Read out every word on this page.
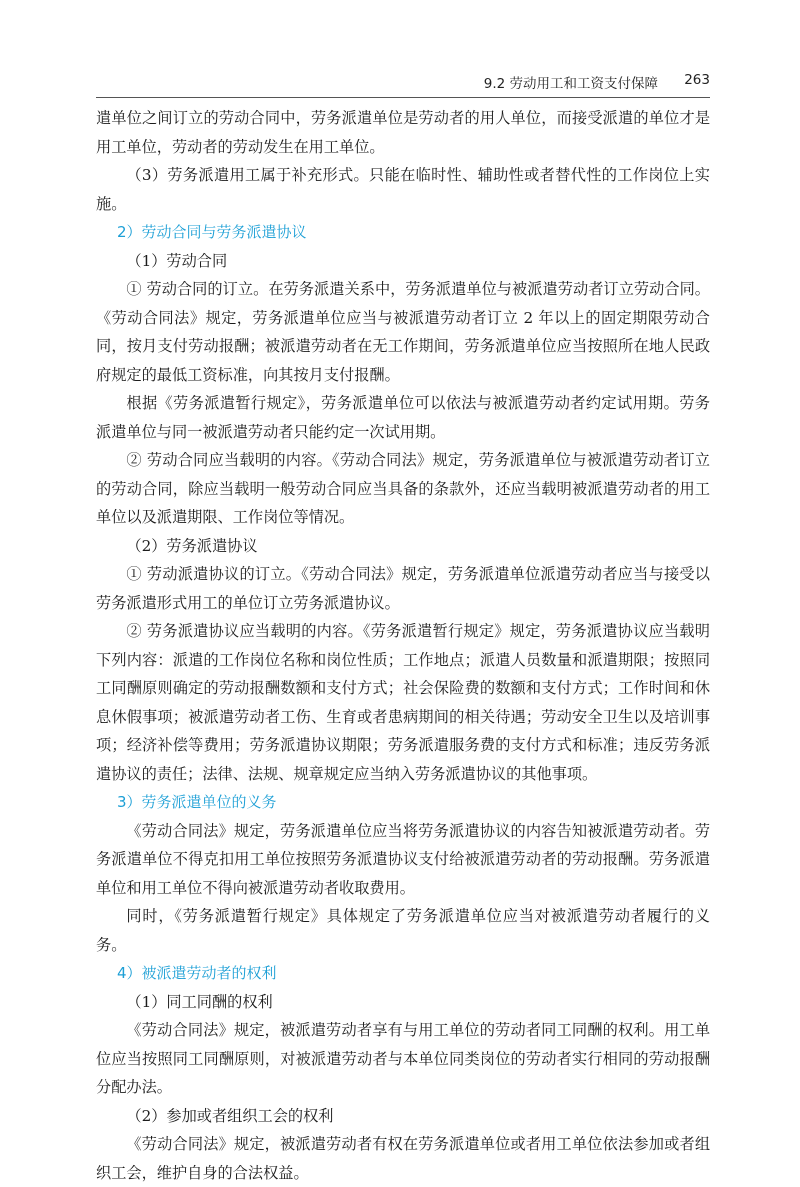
9.2 劳动用工和工资支付保障 263

遣单位之间订立的劳动合同中，劳务派遣单位是劳动者的用人单位，而接受派遣的单位才是用工单位，劳动者的劳动发生在用工单位。

（3）劳务派遣用工属于补充形式。只能在临时性、辅助性或者替代性的工作岗位上实施。

2）劳动合同与劳务派遣协议

（1）劳动合同

① 劳动合同的订立。在劳务派遣关系中，劳务派遣单位与被派遣劳动者订立劳动合同。《劳动合同法》规定，劳务派遣单位应当与被派遣劳动者订立 2 年以上的固定期限劳动合同，按月支付劳动报酬；被派遣劳动者在无工作期间，劳务派遣单位应当按照所在地人民政府规定的最低工资标准，向其按月支付报酬。

根据《劳务派遣暂行规定》，劳务派遣单位可以依法与被派遣劳动者约定试用期。劳务派遣单位与同一被派遣劳动者只能约定一次试用期。

② 劳动合同应当载明的内容。《劳动合同法》规定，劳务派遣单位与被派遣劳动者订立的劳动合同，除应当载明一般劳动合同应当具备的条款外，还应当载明被派遣劳动者的用工单位以及派遣期限、工作岗位等情况。

（2）劳务派遣协议

① 劳动派遣协议的订立。《劳动合同法》规定，劳务派遣单位派遣劳动者应当与接受以劳务派遣形式用工的单位订立劳务派遣协议。

② 劳务派遣协议应当载明的内容。《劳务派遣暂行规定》规定，劳务派遣协议应当载明下列内容：派遣的工作岗位名称和岗位性质；工作地点；派遣人员数量和派遣期限；按照同工同酬原则确定的劳动报酬数额和支付方式；社会保险费的数额和支付方式；工作时间和休息休假事项；被派遣劳动者工伤、生育或者患病期间的相关待遇；劳动安全卫生以及培训事项；经济补偿等费用；劳务派遣协议期限；劳务派遣服务费的支付方式和标准；违反劳务派遣协议的责任；法律、法规、规章规定应当纳入劳务派遣协议的其他事项。

3）劳务派遣单位的义务

《劳动合同法》规定，劳务派遣单位应当将劳务派遣协议的内容告知被派遣劳动者。劳务派遣单位不得克扣用工单位按照劳务派遣协议支付给被派遣劳动者的劳动报酬。劳务派遣单位和用工单位不得向被派遣劳动者收取费用。

同时，《劳务派遣暂行规定》具体规定了劳务派遣单位应当对被派遣劳动者履行的义务。

4）被派遣劳动者的权利

（1）同工同酬的权利

《劳动合同法》规定，被派遣劳动者享有与用工单位的劳动者同工同酬的权利。用工单位应当按照同工同酬原则，对被派遣劳动者与本单位同类岗位的劳动者实行相同的劳动报酬分配办法。

（2）参加或者组织工会的权利

《劳动合同法》规定，被派遣劳动者有权在劳务派遣单位或者用工单位依法参加或者组织工会，维护自身的合法权益。
